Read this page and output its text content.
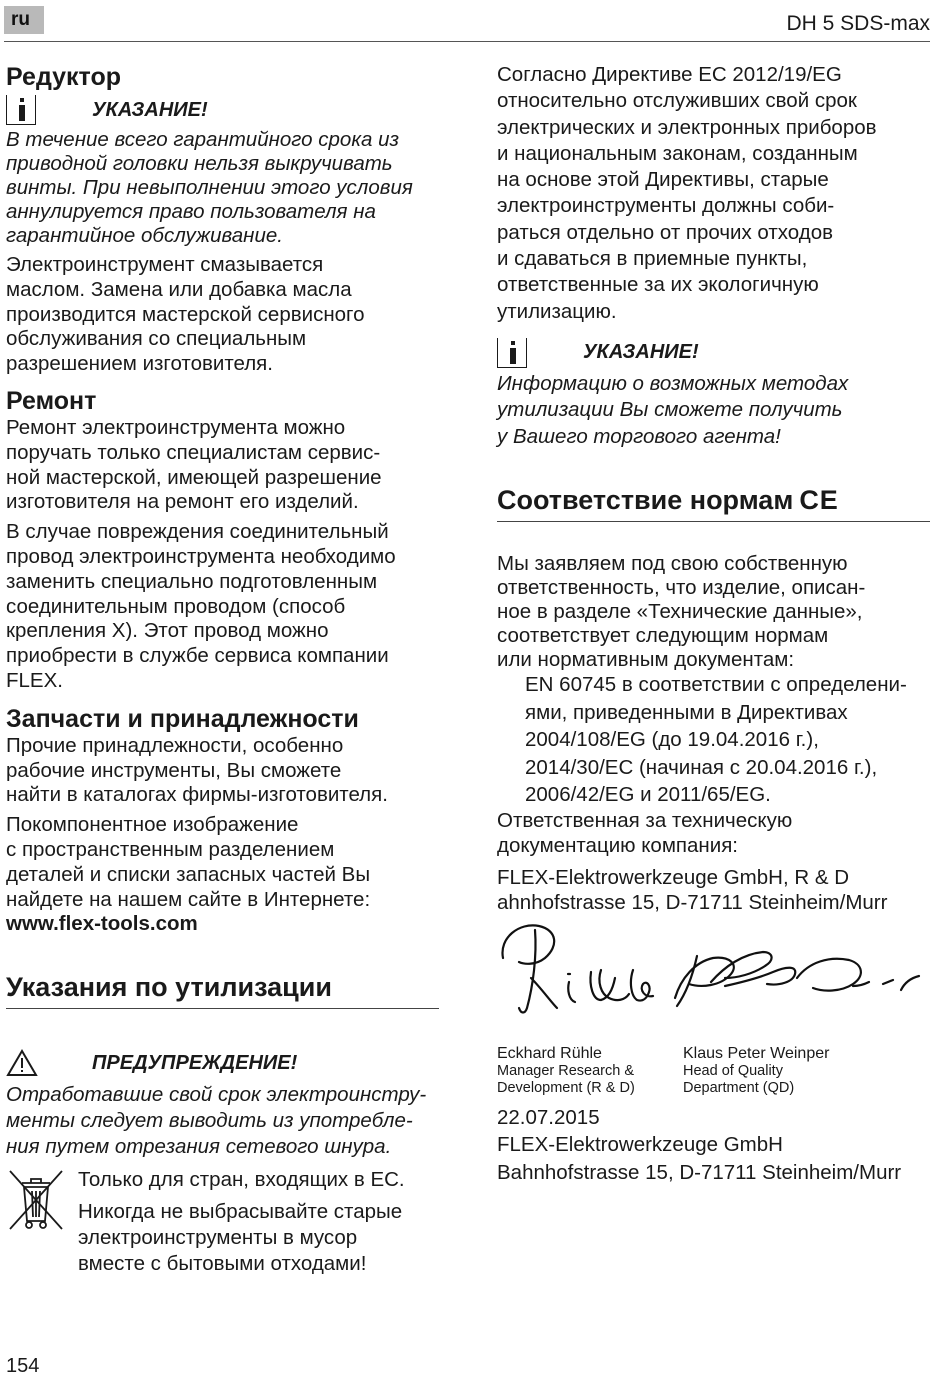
ru	DH 5 SDS-max
Редуктор
УКАЗАНИЕ!

В течение всего гарантийного срока из
приводной головки нельзя выкручивать
винты. При невыполнении этого условия
аннулируется право пользователя на
гарантийное обслуживание.

Электроинструмент смазывается
маслом. Замена или добавка масла
производится мастерской сервисного
обслуживания со специальным
разрешением изготовителя.

Ремонт

Ремонт электроинструмента можно
поручать только специалистам сервис-
ной мастерской, имеющей разрешение
изготовителя на ремонт его изделий.

В случае повреждения соединительный
провод электроинструмента необходимо
заменить специально подготовленным
соединительным проводом (способ
крепления X). Этот провод можно
приобрести в службе сервиса компании
FLEX.

Запчасти и принадлежности

Прочие принадлежности, особенно
рабочие инструменты, Вы сможете
найти в каталогах фирмы-изготовителя.

Покомпонентное изображение
с пространственным разделением
деталей и списки запасных частей Вы
найдете на нашем сайте в Интернете:
www.flex-tools.com

Указания по утилизации
ПРЕДУПРЕЖДЕНИЕ!

Отработавшие свой срок электроинстру-
менты следует выводить из употребле-
ния путем отрезания сетевого шнура.

Только для стран, входящих в ЕС.

Никогда не выбрасывайте старые
электроинструменты в мусор
вместе с бытовыми отходами!

Согласно Директиве ЕС 2012/19/EG
относительно отслуживших свой срок
электрических и электронных приборов
и национальным законам, созданным
на основе этой Директивы, старые
электроинструменты должны соби-
раться отдельно от прочих отходов
и сдаваться в приемные пункты,
ответственные за их экологичную
утилизацию.

УКАЗАНИЕ!

Информацию о возможных методах
утилизации Вы сможете получить
у Вашего торгового агента!

Соответствие нормам CE

Мы заявляем под свою собственную
ответственность, что изделие, описан-
ное в разделе «Технические данные»,
соответствует следующим нормам
или нормативным документам:

EN 60745 в соответствии с определени-
ями, приведенными в Директивах
2004/108/EG (до 19.04.2016 г.),
2014/30/EC (начиная с 20.04.2016 г.),
2006/42/EG и 2011/65/EG.

Ответственная за техническую
документацию компания:

FLEX-Elektrowerkzeuge GmbH, R & D
ahnhofstrasse 15, D-71711 Steinheim/Murr

Eckhard Rühle
Manager Research &
Development (R & D)
Klaus Peter Weinper
Head of Quality
Department (QD)

22.07.2015
FLEX-Elektrowerkzeuge GmbH
Bahnhofstrasse 15, D-71711 Steinheim/Murr

154
